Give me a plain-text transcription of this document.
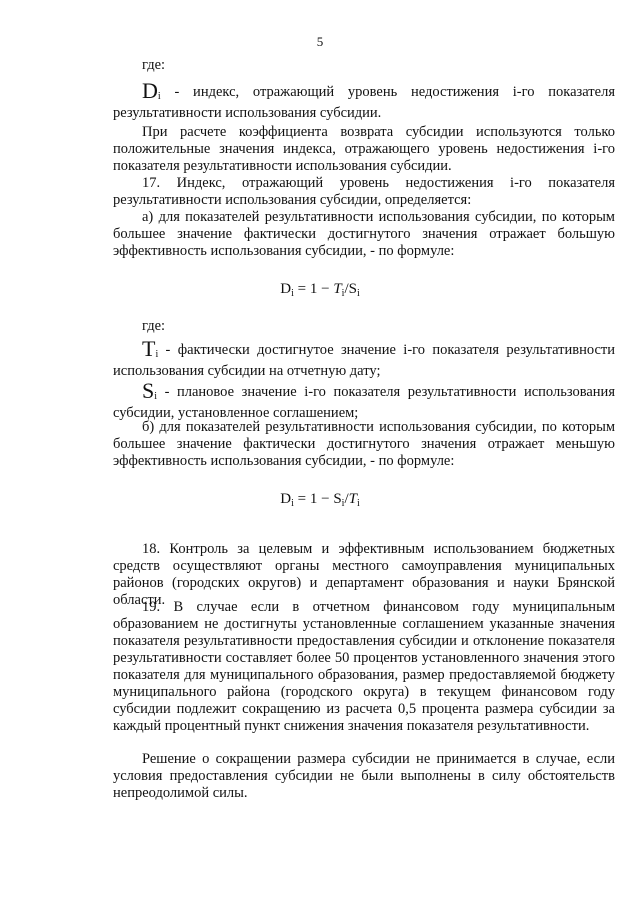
5
где:
$D_i$ - индекс, отражающий уровень недостижения i-го показателя
результативности использования субсидии.
При расчете коэффициента возврата субсидии используются только положительные значения индекса, отражающего уровень недостижения i-го показателя результативности использования субсидии.
17. Индекс, отражающий уровень недостижения i-го показателя результативности использования субсидии, определяется:
а) для показателей результативности использования субсидии, по которым большее значение фактически достигнутого значения отражает большую эффективность использования субсидии, - по формуле:
$D_i = 1 - T_i/S_i$
где:
$T_i$ - фактически достигнутое значение i-го показателя результативности
использования субсидии на отчетную дату;
$S_i$ - плановое значение i-го показателя результативности использования
субсидии, установленное соглашением;
б) для показателей результативности использования субсидии, по которым большее значение фактически достигнутого значения отражает меньшую эффективность использования субсидии, - по формуле:
$D_i = 1 - S_i/T_i$
18. Контроль за целевым и эффективным использованием бюджетных средств осуществляют органы местного самоуправления муниципальных районов (городских округов) и департамент образования и науки Брянской области.
19. В случае если в отчетном финансовом году муниципальным образованием не достигнуты установленные соглашением указанные значения показателя результативности предоставления субсидии и отклонение показателя результативности составляет более 50 процентов установленного значения этого показателя для муниципального образования, размер предоставляемой бюджету муниципального района (городского округа) в текущем финансовом году субсидии подлежит сокращению из расчета 0,5 процента размера субсидии за каждый процентный пункт снижения значения показателя результативности.
Решение о сокращении размера субсидии не принимается в случае, если условия предоставления субсидии не были выполнены в силу обстоятельств непреодолимой силы.
